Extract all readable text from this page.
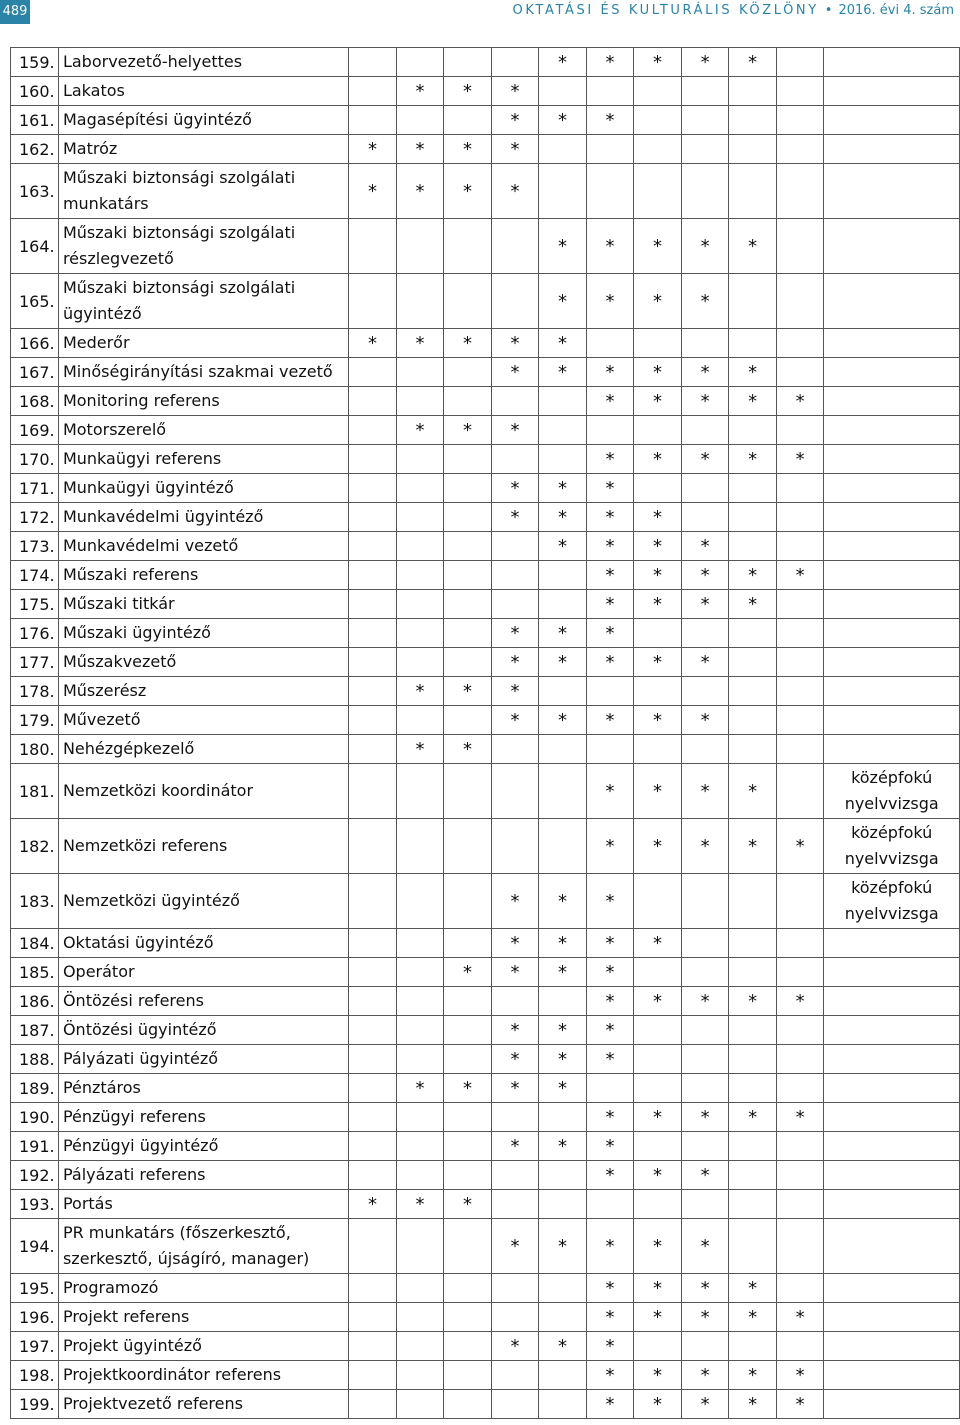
489	OKTATÁSI ÉS KULTURÁLIS KÖZLÖNY • 2016. évi 4. szám
159.	Laborvezető-helyettes					*	*	*	*	*		
160.	Lakatos		*	*	*							
161.	Magasépítési ügyintéző				*	*	*					
162.	Matróz	*	*	*	*							
163.	Műszaki biztonsági szolgálati munkatárs	*	*	*	*							
164.	Műszaki biztonsági szolgálati részlegvezető					*	*	*	*	*		
165.	Műszaki biztonsági szolgálati ügyintéző					*	*	*	*			
166.	Mederőr	*	*	*	*	*						
167.	Minőségirányítási szakmai vezető				*	*	*	*	*	*		
168.	Monitoring referens						*	*	*	*	*	
169.	Motorszerelő		*	*	*							
170.	Munkaügyi referens						*	*	*	*	*	
171.	Munkaügyi ügyintéző				*	*	*					
172.	Munkavédelmi ügyintéző				*	*	*	*				
173.	Munkavédelmi vezető					*	*	*	*			
174.	Műszaki referens						*	*	*	*	*	
175.	Műszaki titkár						*	*	*	*		
176.	Műszaki ügyintéző				*	*	*					
177.	Műszakvezető				*	*	*	*	*			
178.	Műszerész		*	*	*							
179.	Művezető				*	*	*	*	*			
180.	Nehézgépkezelő		*	*								
181.	Nemzetközi koordinátor						*	*	*	*		középfokú nyelvvizsga
182.	Nemzetközi referens						*	*	*	*	*	középfokú nyelvvizsga
183.	Nemzetközi ügyintéző				*	*	*					középfokú nyelvvizsga
184.	Oktatási ügyintéző				*	*	*	*				
185.	Operátor			*	*	*	*					
186.	Öntözési referens						*	*	*	*	*	
187.	Öntözési ügyintéző				*	*	*					
188.	Pályázati ügyintéző				*	*	*					
189.	Pénztáros		*	*	*	*						
190.	Pénzügyi referens						*	*	*	*	*	
191.	Pénzügyi ügyintéző				*	*	*					
192.	Pályázati referens						*	*	*			
193.	Portás	*	*	*								
194.	PR munkatárs (főszerkesztő, szerkesztő, újságíró, manager)				*	*	*	*	*			
195.	Programozó						*	*	*	*		
196.	Projekt referens						*	*	*	*	*	
197.	Projekt ügyintéző				*	*	*					
198.	Projektkoordinátor referens						*	*	*	*	*	
199.	Projektvezető referens						*	*	*	*	*	
